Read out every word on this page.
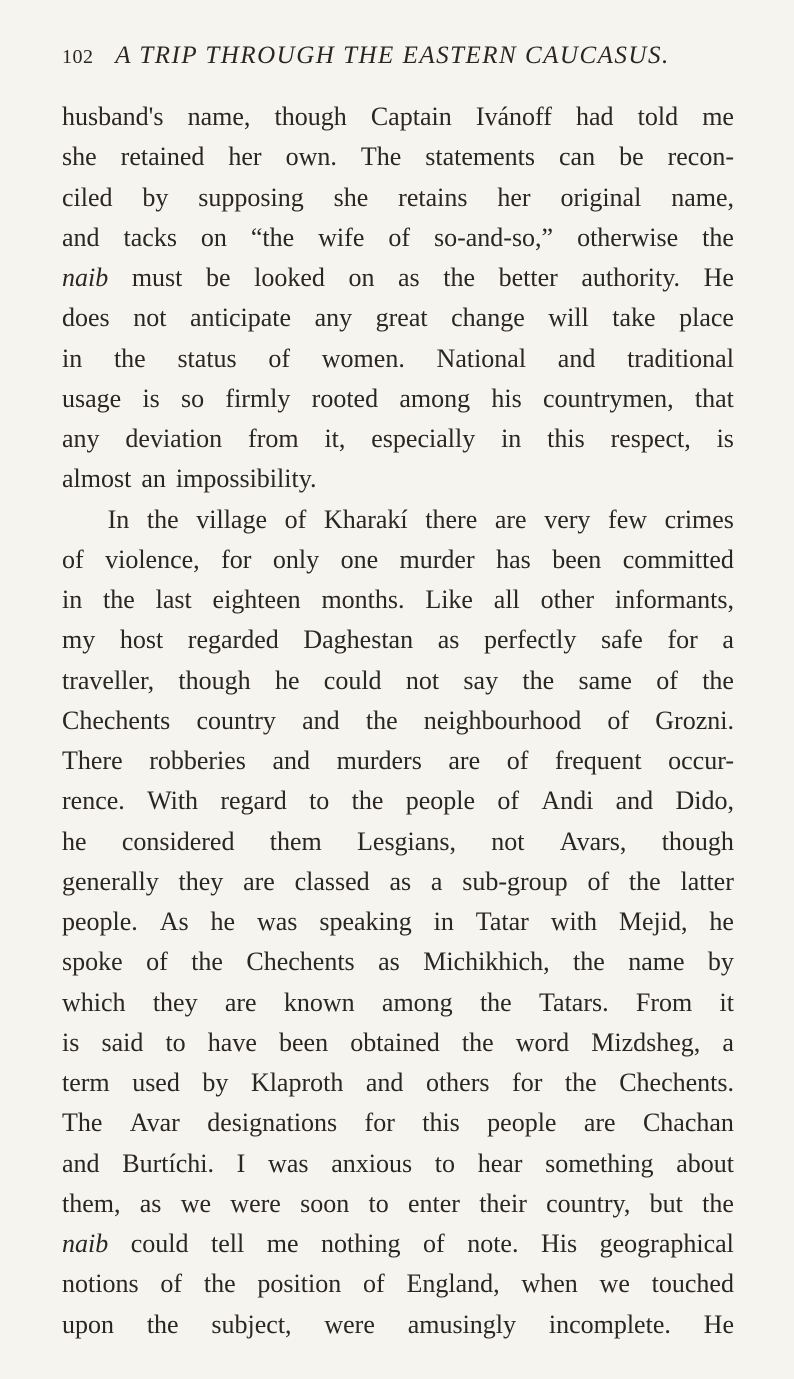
102 A TRIP THROUGH THE EASTERN CAUCASUS.
husband's name, though Captain Ivánoff had told me
she retained her own. The statements can be recon-
ciled by supposing she retains her original name,
and tacks on “the wife of so-and-so,” otherwise the
naib must be looked on as the better authority. He
does not anticipate any great change will take place
in the status of women. National and traditional
usage is so firmly rooted among his countrymen, that
any deviation from it, especially in this respect, is
almost an impossibility.
In the village of Kharakí there are very few crimes
of violence, for only one murder has been committed
in the last eighteen months. Like all other informants,
my host regarded Daghestan as perfectly safe for a
traveller, though he could not say the same of the
Chechents country and the neighbourhood of Grozni.
There robberies and murders are of frequent occur-
rence. With regard to the people of Andi and Dido,
he considered them Lesgians, not Avars, though
generally they are classed as a sub-group of the latter
people. As he was speaking in Tatar with Mejid, he
spoke of the Chechents as Michikhich, the name by
which they are known among the Tatars. From it
is said to have been obtained the word Mizdsheg, a
term used by Klaproth and others for the Chechents.
The Avar designations for this people are Chachan
and Burtíchi. I was anxious to hear something about
them, as we were soon to enter their country, but the
naib could tell me nothing of note. His geographical
notions of the position of England, when we touched
upon the subject, were amusingly incomplete. He
